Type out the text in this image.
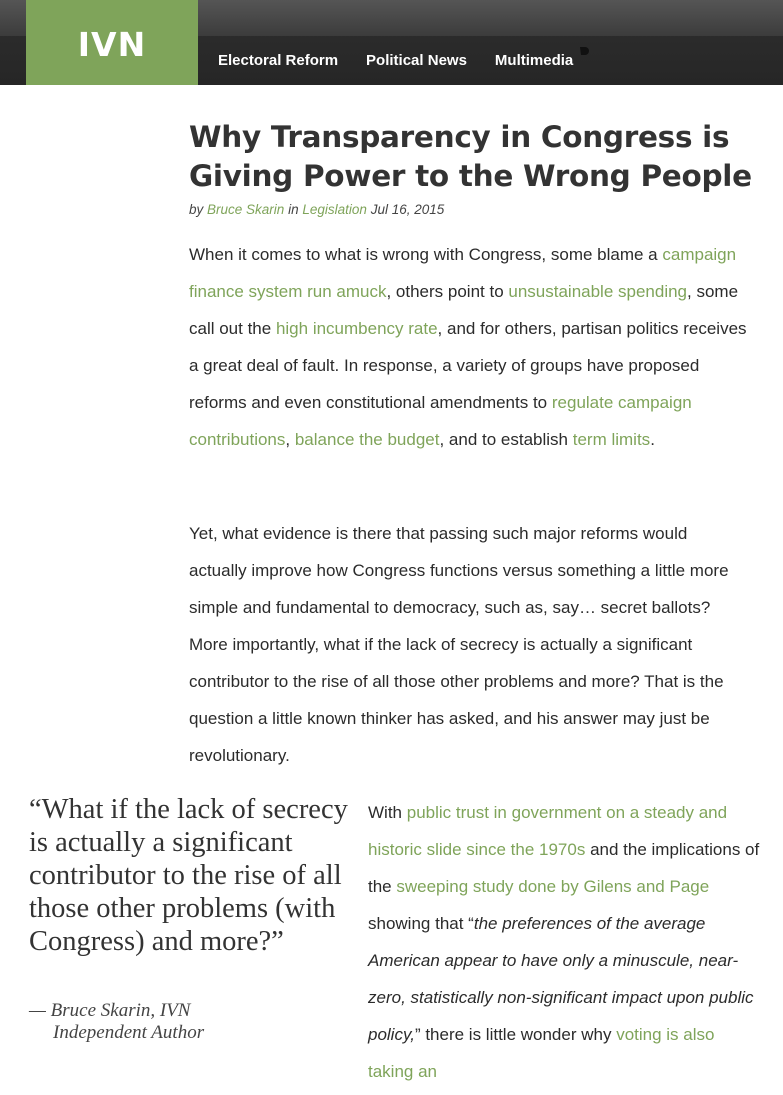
IVN	Electoral Reform Political News Multimedia
Why Transparency in Congress is
Giving Power to the Wrong People
by Bruce Skarin in Legislation Jul 16, 2015

When it comes to what is wrong with Congress, some blame a campaign finance system run amuck, others point to unsustainable spending, some call out the high incumbency rate, and for others, partisan politics receives a great deal of fault. In response, a variety of groups have proposed reforms and even constitutional amendments to regulate campaign contributions, balance the budget, and to establish term limits.

Yet, what evidence is there that passing such major reforms would actually improve how Congress functions versus something a little more simple and fundamental to democracy, such as, say… secret ballots? More importantly, what if the lack of secrecy is actually a significant contributor to the rise of all those other problems and more? That is the question a little known thinker has asked, and his answer may just be revolutionary.

“What if the lack of secrecy is actually a significant contributor to the rise of all those other problems (with Congress) and more?”
— Bruce Skarin, IVN
Independent Author

With public trust in government on a steady and historic slide since the 1970s and the implications of the sweeping study done by Gilens and Page showing that “the preferences of the average American appear to have only a minuscule, near-zero, statistically non-significant impact upon public policy,” there is little wonder why voting is also taking an
